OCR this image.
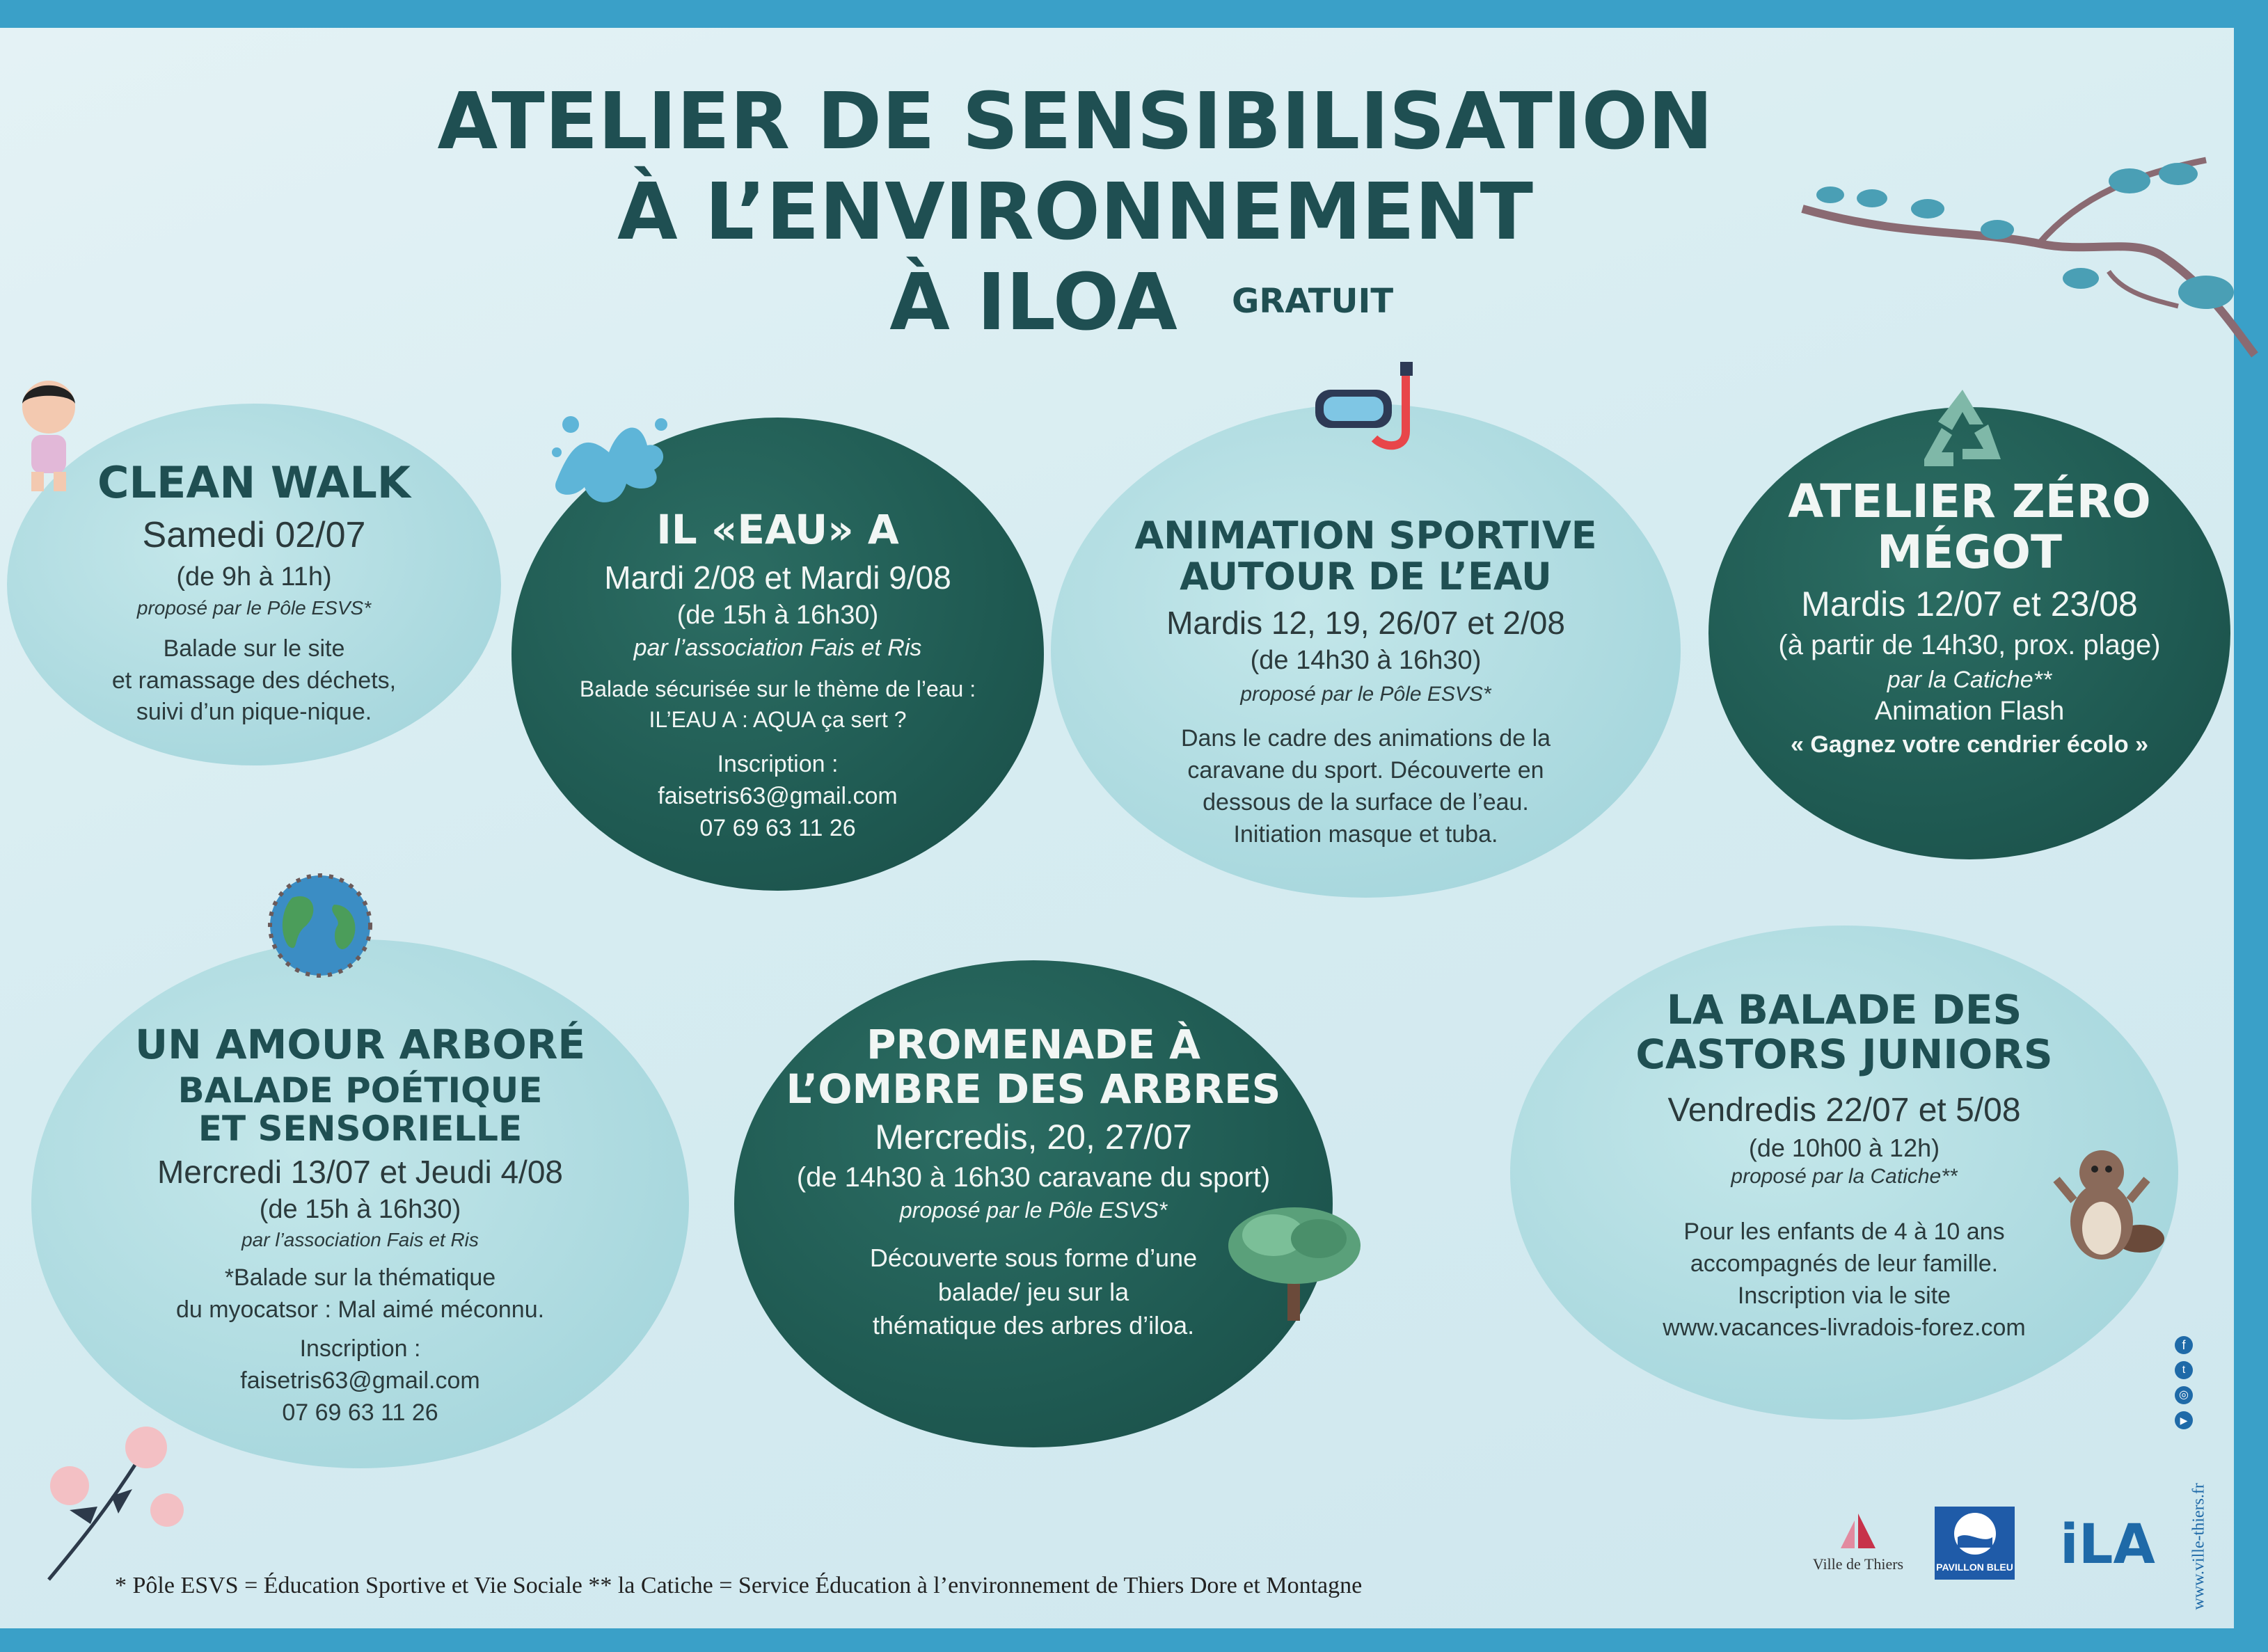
ATELIER DE SENSIBILISATION
À L’ENVIRONNEMENT
À ILOA	GRATUIT
CLEAN WALK
Samedi 02/07
(de 9h à 11h)
proposé par le Pôle ESVS*
Balade sur le site
et ramassage des déchets,
suivi d’un pique-nique.
IL «EAU» A
Mardi 2/08 et Mardi 9/08
(de 15h à 16h30)
par l’association Fais et Ris
Balade sécurisée sur le thème de l’eau :
IL’EAU A : AQUA ça sert ?
Inscription :
faisetris63@gmail.com
07 69 63 11 26
ANIMATION SPORTIVE
AUTOUR DE L’EAU
Mardis 12, 19, 26/07 et 2/08
(de 14h30 à 16h30)
proposé par le Pôle ESVS*
Dans le cadre des animations de la
caravane du sport. Découverte en
dessous de la surface de l’eau.
Initiation masque et tuba.
ATELIER ZÉRO
MÉGOT
Mardis 12/07 et 23/08
(à partir de 14h30, prox. plage)
par la Catiche**
Animation Flash
« Gagnez votre cendrier écolo »
UN AMOUR ARBORÉ
BALADE POÉTIQUE
ET SENSORIELLE
Mercredi 13/07 et Jeudi 4/08
(de 15h à 16h30)
par l’association Fais et Ris
*Balade sur la thématique
du myocatsor : Mal aimé méconnu.
Inscription :
faisetris63@gmail.com
07 69 63 11 26
PROMENADE À
L’OMBRE DES ARBRES
Mercredis, 20, 27/07
(de 14h30 à 16h30 caravane du sport)
proposé par le Pôle ESVS*
Découverte sous forme d’une
balade/ jeu sur la
thématique des arbres d’iloa.
LA BALADE DES
CASTORS JUNIORS
Vendredis 22/07 et 5/08
(de 10h00 à 12h)
proposé par la Catiche**
Pour les enfants de 4 à 10 ans
accompagnés de leur famille.
Inscription via le site
www.vacances-livradois-forez.com
* Pôle ESVS = Éducation Sportive et Vie Sociale ** la Catiche = Service Éducation à l’environnement de Thiers Dore et Montagne
Ville de Thiers	PAVILLON BLEU iLA
f
t
◎
▶
www.ville-thiers.fr
